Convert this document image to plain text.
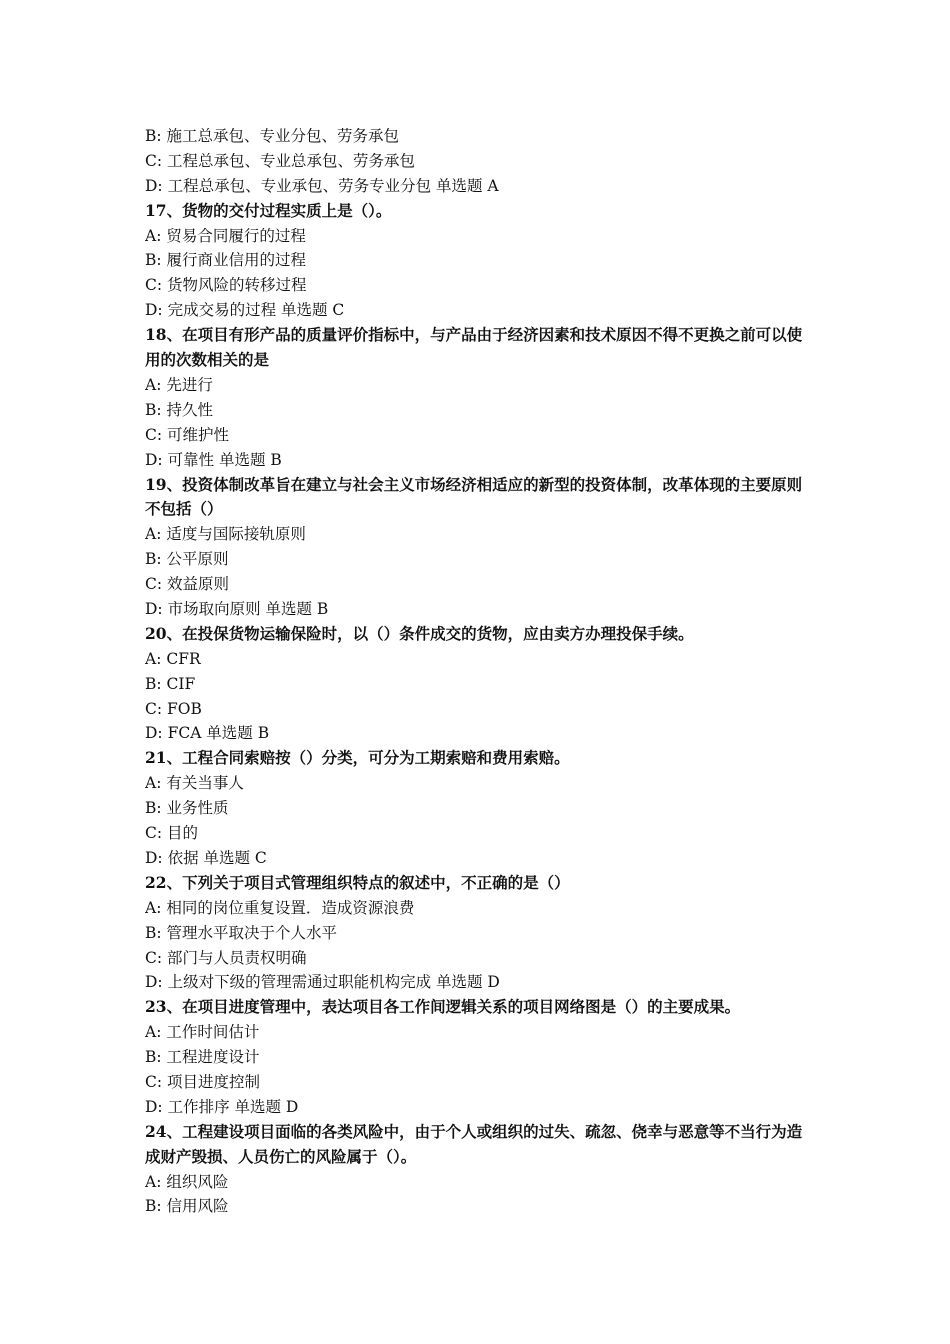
B: 施工总承包、专业分包、劳务承包
C: 工程总承包、专业总承包、劳务承包
D: 工程总承包、专业承包、劳务专业分包 单选题 A
17、货物的交付过程实质上是（）。
A: 贸易合同履行的过程
B: 履行商业信用的过程
C: 货物风险的转移过程
D: 完成交易的过程 单选题 C
18、在项目有形产品的质量评价指标中，与产品由于经济因素和技术原因不得不更换之前可以使用的次数相关的是
A: 先进行
B: 持久性
C: 可维护性
D: 可靠性 单选题 B
19、投资体制改革旨在建立与社会主义市场经济相适应的新型的投资体制，改革体现的主要原则不包括（）
A: 适度与国际接轨原则
B: 公平原则
C: 效益原则
D: 市场取向原则 单选题 B
20、在投保货物运输保险时，以（）条件成交的货物，应由卖方办理投保手续。
A: CFR
B: CIF
C: FOB
D: FCA 单选题 B
21、工程合同索赔按（）分类，可分为工期索赔和费用索赔。
A: 有关当事人
B: 业务性质
C: 目的
D: 依据 单选题 C
22、下列关于项目式管理组织特点的叙述中，不正确的是（）
A: 相同的岗位重复设置．造成资源浪费
B: 管理水平取决于个人水平
C: 部门与人员责权明确
D: 上级对下级的管理需通过职能机构完成 单选题 D
23、在项目进度管理中，表达项目各工作间逻辑关系的项目网络图是（）的主要成果。
A: 工作时间估计
B: 工程进度设计
C: 项目进度控制
D: 工作排序 单选题 D
24、工程建设项目面临的各类风险中，由于个人或组织的过失、疏忽、侥幸与恶意等不当行为造成财产毁损、人员伤亡的风险属于（）。
A: 组织风险
B: 信用风险
